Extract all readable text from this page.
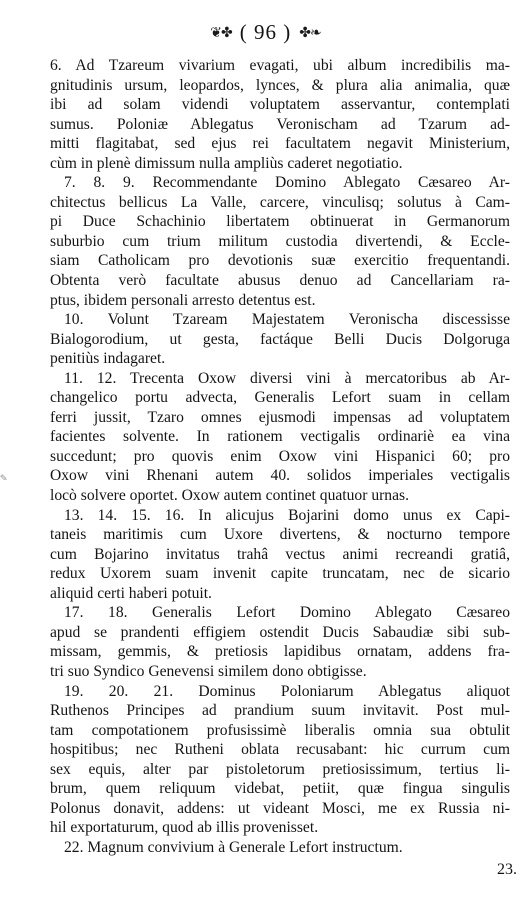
❦✤ ( 96 ) ✤❧
✎
6. Ad Tzareum vivarium evagati, ubi album incredibilis ma-
gnitudinis ursum, leopardos, lynces, & plura alia animalia, quæ
ibi ad solam videndi voluptatem asservantur, contemplati
sumus. Poloniæ Ablegatus Veronischam ad Tzarum ad-
mitti flagitabat, sed ejus rei facultatem negavit Ministerium,
cùm in plenè dimissum nulla ampliùs caderet negotiatio.
7. 8. 9. Recommendante Domino Ablegato Cæsareo Ar-
chitectus bellicus La Valle, carcere, vinculisq; solutus à Cam-
pi Duce Schachinio libertatem obtinuerat in Germanorum
suburbio cum trium militum custodia divertendi, & Eccle-
siam Catholicam pro devotionis suæ exercitio frequentandi.
Obtenta verò facultate abusus denuo ad Cancellariam ra-
ptus, ibidem personali arresto detentus est.
10. Volunt Tzaream Majestatem Veronischa discessisse
Bialogorodium, ut gesta, factáque Belli Ducis Dolgoruga
penitiùs indagaret.
11. 12. Trecenta Oxow diversi vini à mercatoribus ab Ar-
changelico portu advecta, Generalis Lefort suam in cellam
ferri jussit, Tzaro omnes ejusmodi impensas ad voluptatem
facientes solvente. In rationem vectigalis ordinariè ea vina
succedunt; pro quovis enim Oxow vini Hispanici 60; pro
Oxow vini Rhenani autem 40. solidos imperiales vectigalis
locò solvere oportet. Oxow autem continet quatuor urnas.
13. 14. 15. 16. In alicujus Bojarini domo unus ex Capi-
taneis maritimis cum Uxore divertens, & nocturno tempore
cum Bojarino invitatus trahâ vectus animi recreandi gratiâ,
redux Uxorem suam invenit capite truncatam, nec de sicario
aliquid certi haberi potuit.
17. 18. Generalis Lefort Domino Ablegato Cæsareo
apud se prandenti effigiem ostendit Ducis Sabaudiæ sibi sub-
missam, gemmis, & pretiosis lapidibus ornatam, addens fra-
tri suo Syndico Genevensi similem dono obtigisse.
19. 20. 21. Dominus Poloniarum Ablegatus aliquot
Ruthenos Principes ad prandium suum invitavit. Post mul-
tam compotationem profusissimè liberalis omnia sua obtulit
hospitibus; nec Rutheni oblata recusabant: hic currum cum
sex equis, alter par pistoletorum pretiosissimum, tertius li-
brum, quem reliquum videbat, petiit, quæ fingua singulis
Polonus donavit, addens: ut videant Mosci, me ex Russia ni-
hil exportaturum, quod ab illis provenisset.
22. Magnum convivium à Generale Lefort instructum.
23.
